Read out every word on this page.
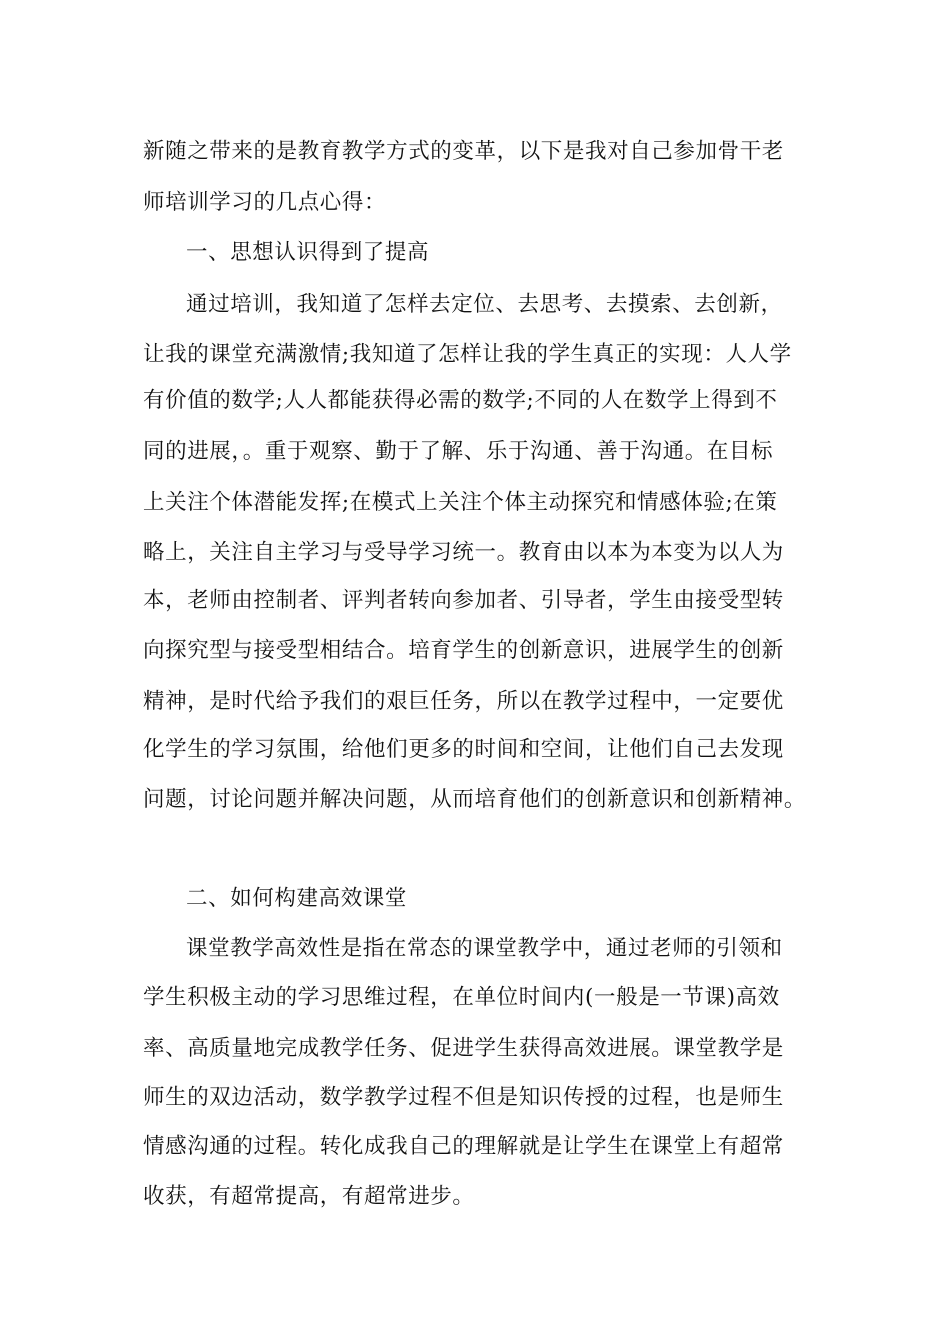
新随之带来的是教育教学方式的变革，以下是我对自己参加骨干老
师培训学习的几点心得：
一、思想认识得到了提高
通过培训，我知道了怎样去定位、去思考、去摸索、去创新，
让我的课堂充满激情;我知道了怎样让我的学生真正的实现：人人学
有价值的数学;人人都能获得必需的数学;不同的人在数学上得到不
同的进展，。重于观察、勤于了解、乐于沟通、善于沟通。在目标
上关注个体潜能发挥;在模式上关注个体主动探究和情感体验;在策
略上，关注自主学习与受导学习统一。教育由以本为本变为以人为
本，老师由控制者、评判者转向参加者、引导者，学生由接受型转
向探究型与接受型相结合。培育学生的创新意识，进展学生的创新
精神，是时代给予我们的艰巨任务，所以在教学过程中，一定要优
化学生的学习氛围，给他们更多的时间和空间，让他们自己去发现
问题，讨论问题并解决问题，从而培育他们的创新意识和创新精神。
二、如何构建高效课堂
课堂教学高效性是指在常态的课堂教学中，通过老师的引领和
学生积极主动的学习思维过程，在单位时间内(一般是一节课)高效
率、高质量地完成教学任务、促进学生获得高效进展。课堂教学是
师生的双边活动，数学教学过程不但是知识传授的过程，也是师生
情感沟通的过程。转化成我自己的理解就是让学生在课堂上有超常
收获，有超常提高，有超常进步。
